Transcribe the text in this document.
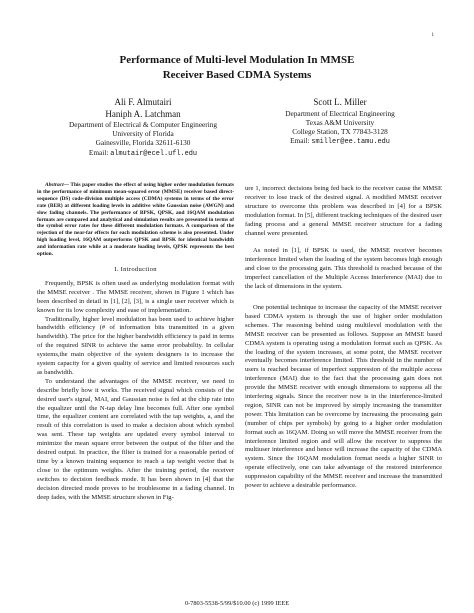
1
Performance of Multi-level Modulation In MMSE
Receiver Based CDMA Systems
Ali F. Almutairi
Haniph A. Latchman
Department of Electrical & Computer Engineering
University of Florida
Gainesville, Florida 32611-6130
Email: almutair@ecel.ufl.edu
Scott L. Miller
Department of Electrical Engineering
Texas A&M University
College Station, TX 77843-3128
Email: smiller@ee.tamu.edu

Abstract— This paper studies the effect of using higher order modulation formats in the performance of minimum mean-squared error (MMSE) receiver based direct-sequence (DS) code-division multiple access (CDMA) systems in terms of the error rate (BER) at different loading levels in additive white Gaussian noise (AWGN) and slow fading channels. The performance of BPSK, QPSK, and 16QAM modulation formats are compared and analytical and simulation results are presented in terms of the symbol error rates for these different modulation formats. A comparison of the rejection of the near-far effects for each modulation scheme is also presented. Under high loading level, 16QAM outperforms QPSK and BPSK for identical bandwidth and information rate while at a moderate loading levels, QPSK represents the best option.

I. Introduction

Frequently, BPSK is often used as underlying modulation format with the MMSE receiver . The MMSE receiver, shown in Figure 1 which has been described in detail in [1], [2], [3], is a single user receiver which is known for its low complexity and ease of implementation.

Traditionally, higher level modulation has been used to achieve higher bandwidth efficiency (# of information bits transmitted in a given bandwidth). The price for the higher bandwidth efficiency is paid in terms of the required SINR to achieve the same error probability. In cellular systems,the main objective of the system designers is to increase the system capacity for a given quality of service and limited resources such as bandwidth.

To understand the advantages of the MMSE receiver, we need to describe briefly how it works. The received signal which consists of the desired user's signal, MAI, and Gaussian noise is fed at the chip rate into the equalizer until the N-tap delay line becomes full. After one symbol time, the equalizer content are correlated with the tap weights, a, and the result of this correlation is used to make a decision about which symbol was sent. These tap weights are updated every symbol interval to minimize the mean square error between the output of the filter and the desired output. In practice, the filter is trained for a reasonable period of time by a known training sequence to reach a tap weight vector that is close to the optimum weights. After the training period, the receiver switches to decision feedback mode. It has been shown in [4] that the decision directed mode proves to be troublesome in a fading channel. In deep fades, with the MMSE structure shown in Fig-

ure 1, incorrect decisions being fed back to the receiver cause the MMSE receiver to lose track of the desired signal. A modified MMSE receiver structure to overcome this problem was described in [4] for a BPSK modulation format. In [5], different tracking techniques of the desired user fading process and a general MMSE receiver structure for a fading channel were presented.

As noted in [1], if BPSK is used, the MMSE receiver becomes interference limited when the loading of the system becomes high enough and close to the processing gain. This threshold is reached because of the imperfect cancellation of the Multiple Access Interference (MAI) due to the lack of dimensions in the system.

One potential technique to increase the capacity of the MMSE receiver based CDMA system is through the use of higher order modulation schemes. The reasoning behind using multilevel modulation with the MMSE receiver can be presented as follows. Suppose an MMSE based CDMA system is operating using a modulation format such as QPSK. As the loading of the system increases, at some point, the MMSE receiver eventually becomes interference limited. This threshold in the number of users is reached because of imperfect suppression of the multiple access interference (MAI) due to the fact that the processing gain does not provide the MMSE receiver with enough dimensions to suppress all the interfering signals. Since the receiver now is in the interference-limited region, SINR can not be improved by simply increasing the transmitter power. This limitation can be overcome by increasing the processing gain (number of chips per symbols) by going to a higher order modulation format such as 16QAM. Doing so will move the MMSE receiver from the interference limited region and will allow the receiver to suppress the multiuser interference and hence will increase the capacity of the CDMA system. Since the 16QAM modulation format needs a higher SINR to operate effectively, one can take advantage of the restored interference suppression capability of the MMSE receiver and increase the transmitted power to achieve a desirable performance.

0-7803-5538-5/99/$10.00 (c) 1999 IEEE
